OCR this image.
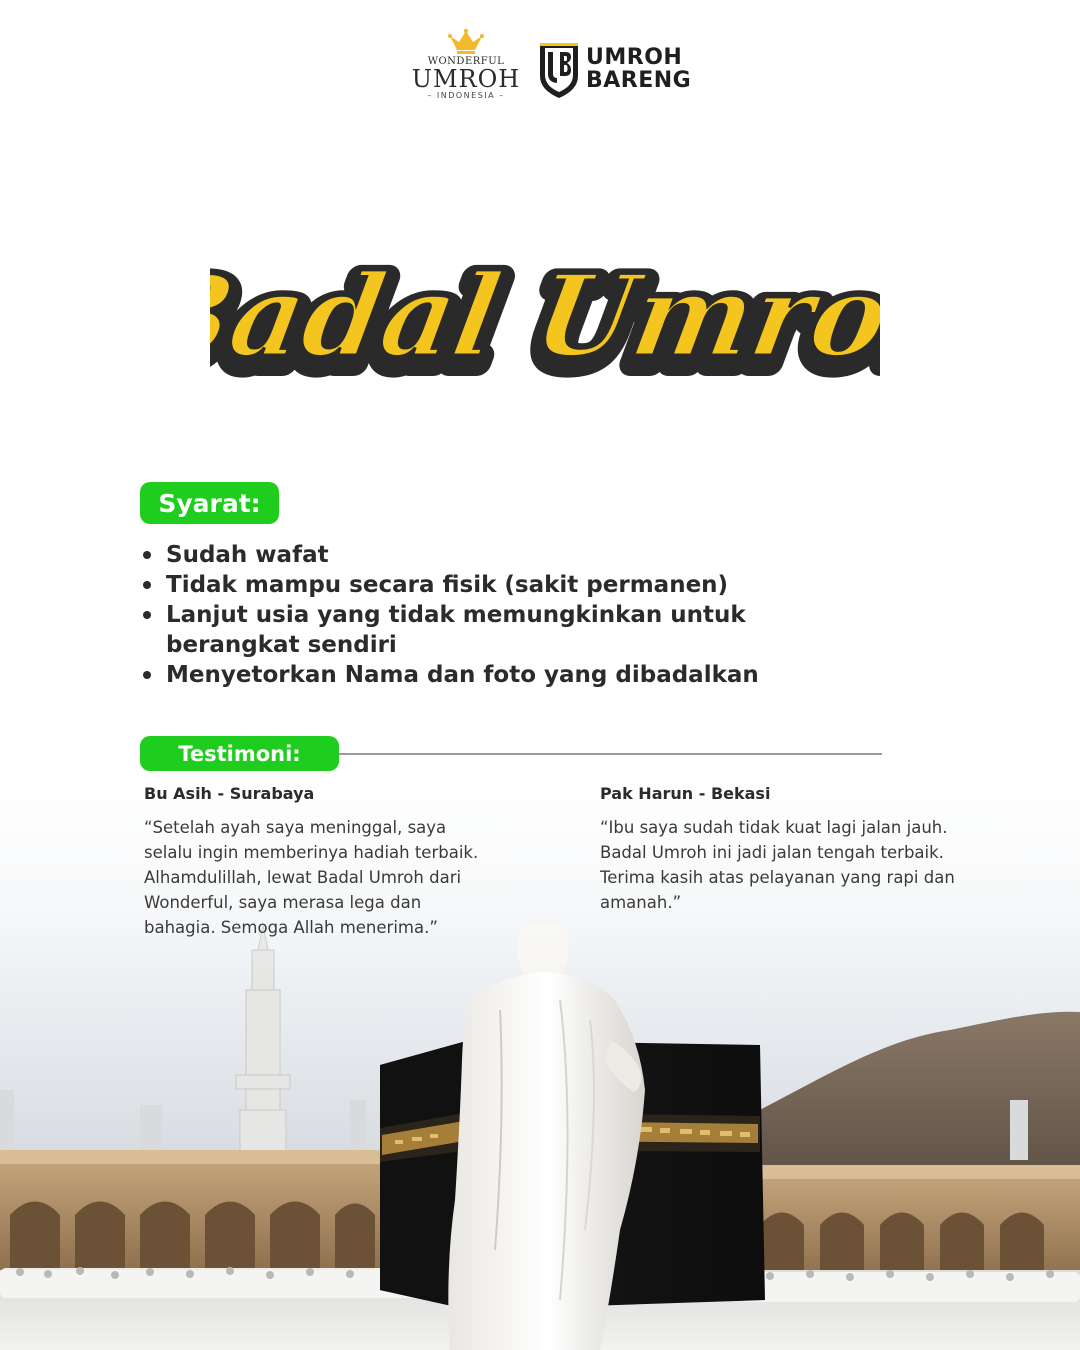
WONDERFUL
UMROH
– INDONESIA –
UMROH
BARENG
Badal Umroh
Badal Umroh
Syarat:
Sudah wafat
Tidak mampu secara fisik (sakit permanen)
Lanjut usia yang tidak memungkinkan untuk berangkat sendiri
Menyetorkan Nama dan foto yang dibadalkan
Testimoni:
Bu Asih - Surabaya
“Setelah ayah saya meninggal, saya selalu ingin memberinya hadiah terbaik. Alhamdulillah, lewat Badal Umroh dari Wonderful, saya merasa lega dan bahagia. Semoga Allah menerima.”
Pak Harun - Bekasi
“Ibu saya sudah tidak kuat lagi jalan jauh. Badal Umroh ini jadi jalan tengah terbaik. Terima kasih atas pelayanan yang rapi dan amanah.”
